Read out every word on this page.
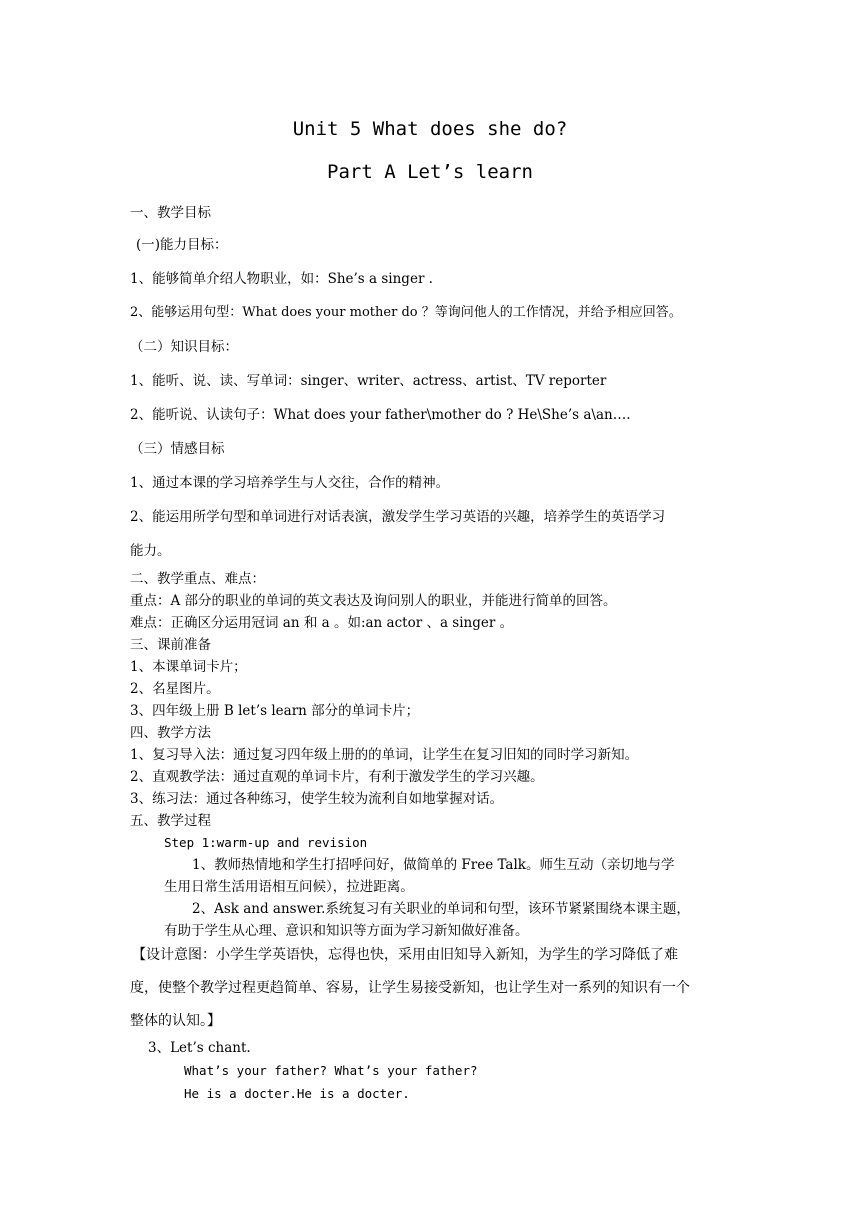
Unit 5 What does she do?
Part A Let’s learn
一、教学目标
(一)能力目标：
1、能够简单介绍人物职业，如：She’s a singer .
2、能够运用句型：What does your mother do ？等询问他人的工作情况，并给予相应回答。
（二）知识目标：
1、能听、说、读、写单词：singer、writer、actress、artist、TV reporter
2、能听说、认读句子：What does your father\mother do ? He\She’s a\an….
（三）情感目标
1、通过本课的学习培养学生与人交往，合作的精神。
2、能运用所学句型和单词进行对话表演，激发学生学习英语的兴趣，培养学生的英语学习
能力。
二、教学重点、难点：
重点：A 部分的职业的单词的英文表达及询问别人的职业，并能进行简单的回答。
难点：正确区分运用冠词 an 和 a 。如:an actor 、a singer 。
三、课前准备
1、本课单词卡片；
2、名星图片。
3、四年级上册 B let’s learn 部分的单词卡片；
四、教学方法
1、复习导入法：通过复习四年级上册的的单词，让学生在复习旧知的同时学习新知。
2、直观教学法：通过直观的单词卡片，有利于激发学生的学习兴趣。
3、练习法：通过各种练习，使学生较为流利自如地掌握对话。
五、教学过程
Step 1:warm-up and revision
1、教师热情地和学生打招呼问好，做简单的 Free Talk。师生互动（亲切地与学
生用日常生活用语相互问候），拉进距离。
2、Ask and answer.系统复习有关职业的单词和句型，该环节紧紧围绕本课主题，
有助于学生从心理、意识和知识等方面为学习新知做好准备。
【设计意图：小学生学英语快，忘得也快，采用由旧知导入新知，为学生的学习降低了难
度，使整个教学过程更趋简单、容易，让学生易接受新知，也让学生对一系列的知识有一个
整体的认知。】
3、Let’s chant.
What’s your father? What’s your father?
He is a docter.He is a docter.
